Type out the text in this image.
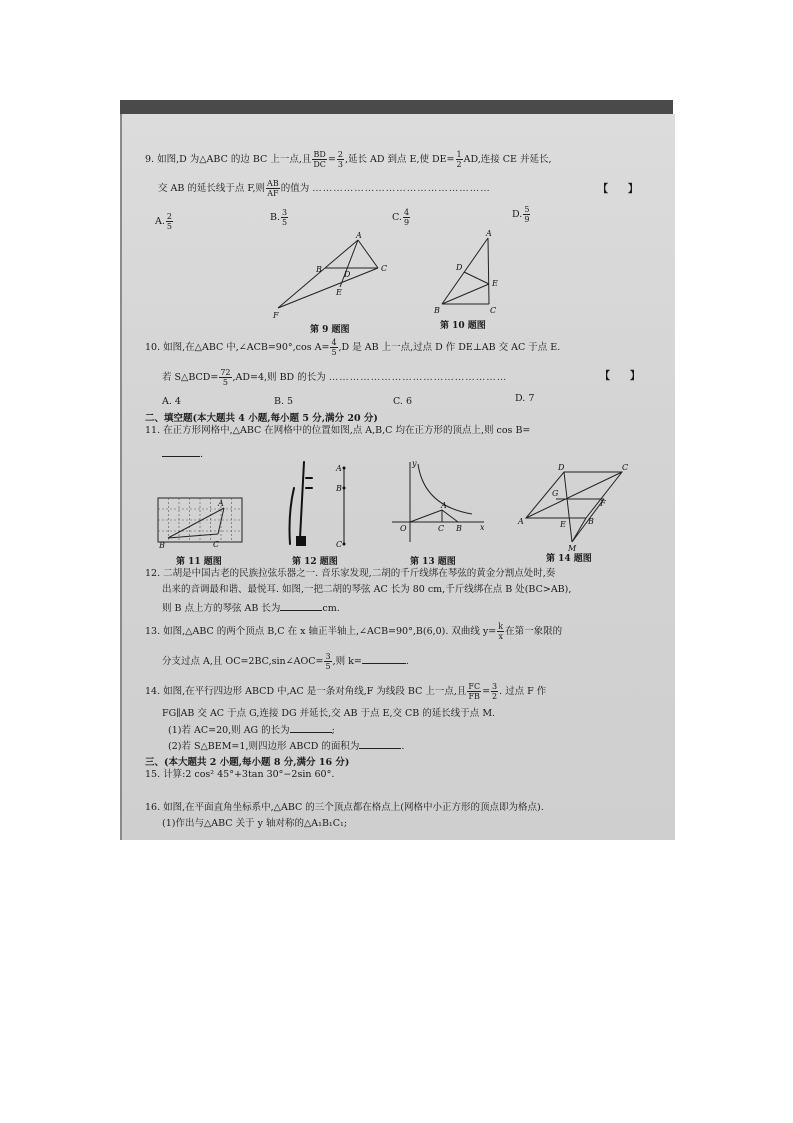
9. 如图,D 为△ABC 的边 BC 上一点,且 $\frac{BD}{DC} = \frac{2}{3}$ ,延长 AD 到点 E,使 $DE= \frac{1}{2}$ AD,连接 CE 并延长,
交 AB 的延长线于点 F,则 $\frac{AB}{AF}$ 的值为 ……………………………………………	【　　】
A. $\frac{2}{5}$	B. $\frac{3}{5}$	C. $\frac{4}{9}$	D. $\frac{5}{9}$
A
B	C
D
E
F
第 9 题图
A
D
E
B	C
第 10 题图
10. 如图,在△ABC 中,∠ACB=90°,cos $A= \frac{4}{5} ,D$ 是 AB 上一点,过点 D 作 DE⊥AB 交 AC 于点 E.
若 S△BCD= $\frac{72}{5} ,AD=4$,则 BD 的长为 ……………………………………………	【　　】
A. 4	B. 5	C. 6	D. 7
二、填空题(本大题共 4 小题,每小题 5 分,满分 20 分)
11. 在正方形网格中,△ABC 在网格中的位置如图,点 A,B,C 均在正方形的顶点上,则 cos B=
.
A
B	C
第 11 题图
A
B
C
第 12 题图
y
x
O
A
C B
第 13 题图
A
D	C
G
F
E	B
M
第 14 题图
12. 二胡是中国古老的民族拉弦乐器之一. 音乐家发现,二胡的千斤线绑在琴弦的黄金分割点处时,奏
出来的音调最和谐、最悦耳. 如图,一把二胡的琴弦 AC 长为 80 cm,千斤线绑在点 B 处(BC>AB),
则 B 点上方的琴弦 AB 长为	cm.
13. 如图,△ABC 的两个顶点 B,C 在 x 轴正半轴上,∠ACB=90°,B(6,0). 双曲线 $y= \frac{k}{x}$ 在第一象限的
分支过点 A,且 OC=2BC,sin∠AOC= $\frac{3}{5}$ ,则 k=	.
14. 如图,在平行四边形 ABCD 中,AC 是一条对角线,F 为线段 BC 上一点,且 $\frac{FC}{FB} = \frac{3}{2}$ . 过点 F 作
FG∥AB 交 AC 于点 G,连接 DG 并延长,交 AB 于点 E,交 CB 的延长线于点 M.
(1)若 AC=20,则 AG 的长为	;
(2)若 S△BEM=1,则四边形 ABCD 的面积为	.
三、(本大题共 2 小题,每小题 8 分,满分 16 分)
15. 计算:2 cos² 45°+3tan 30°−2sin 60°.
16. 如图,在平面直角坐标系中,△ABC 的三个顶点都在格点上(网格中小正方形的顶点即为格点).
(1)作出与△ABC 关于 y 轴对称的△A₁B₁C₁;
